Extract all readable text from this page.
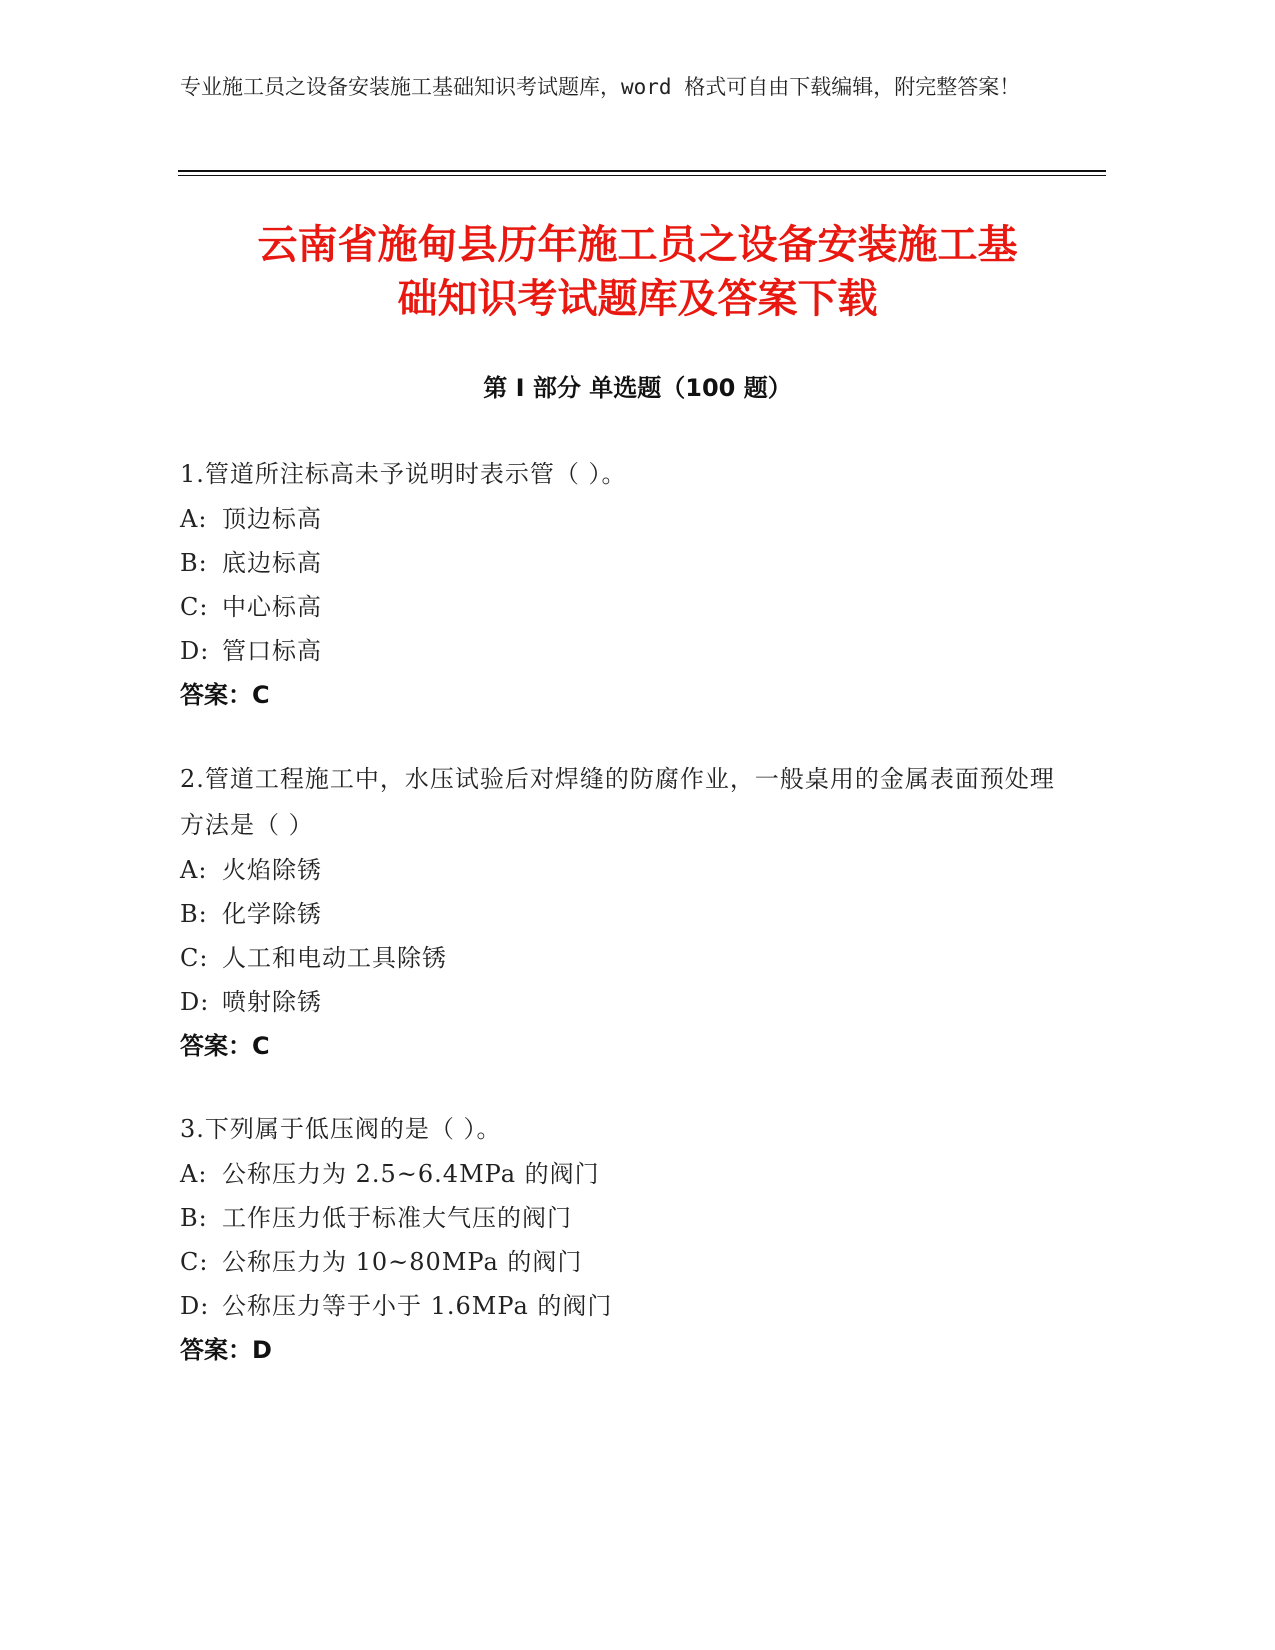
专业施工员之设备安装施工基础知识考试题库，word 格式可自由下载编辑，附完整答案！
云南省施甸县历年施工员之设备安装施工基
础知识考试题库及答案下载
第 I 部分 单选题（100 题）
1.管道所注标高未予说明时表示管（ ）。
A: 顶边标高
B: 底边标高
C: 中心标高
D: 管口标高
答案：C
2.管道工程施工中，水压试验后对焊缝的防腐作业，一般桌用的金属表面预处理方法是（ ）
A: 火焰除锈
B: 化学除锈
C: 人工和电动工具除锈
D: 喷射除锈
答案：C
3.下列属于低压阀的是（ ）。
A: 公称压力为 2.5~6.4MPa 的阀门
B: 工作压力低于标准大气压的阀门
C: 公称压力为 10~80MPa 的阀门
D: 公称压力等于小于 1.6MPa 的阀门
答案：D
